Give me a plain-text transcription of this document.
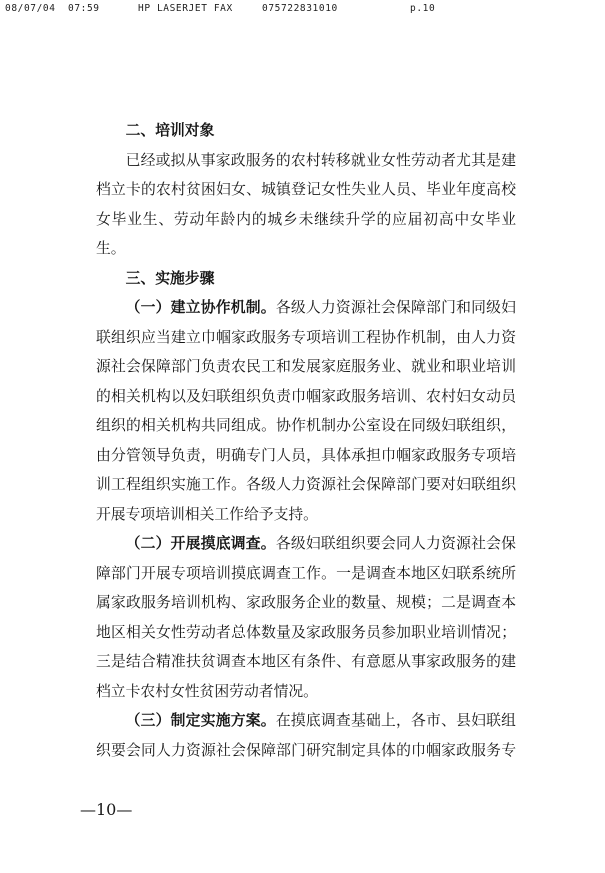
08/07/04 07:59	HP LASERJET FAX	075722831010	p.10
二、培训对象
已经或拟从事家政服务的农村转移就业女性劳动者尤其是建
档立卡的农村贫困妇女、城镇登记女性失业人员、毕业年度高校
女毕业生、劳动年龄内的城乡未继续升学的应届初高中女毕业
生。
三、实施步骤
（一）建立协作机制。各级人力资源社会保障部门和同级妇
联组织应当建立巾帼家政服务专项培训工程协作机制，由人力资
源社会保障部门负责农民工和发展家庭服务业、就业和职业培训
的相关机构以及妇联组织负责巾帼家政服务培训、农村妇女动员
组织的相关机构共同组成。协作机制办公室设在同级妇联组织，
由分管领导负责，明确专门人员，具体承担巾帼家政服务专项培
训工程组织实施工作。各级人力资源社会保障部门要对妇联组织
开展专项培训相关工作给予支持。
（二）开展摸底调查。各级妇联组织要会同人力资源社会保
障部门开展专项培训摸底调查工作。一是调查本地区妇联系统所
属家政服务培训机构、家政服务企业的数量、规模；二是调查本
地区相关女性劳动者总体数量及家政服务员参加职业培训情况；
三是结合精准扶贫调查本地区有条件、有意愿从事家政服务的建
档立卡农村女性贫困劳动者情况。
（三）制定实施方案。在摸底调查基础上，各市、县妇联组
织要会同人力资源社会保障部门研究制定具体的巾帼家政服务专
—10—
